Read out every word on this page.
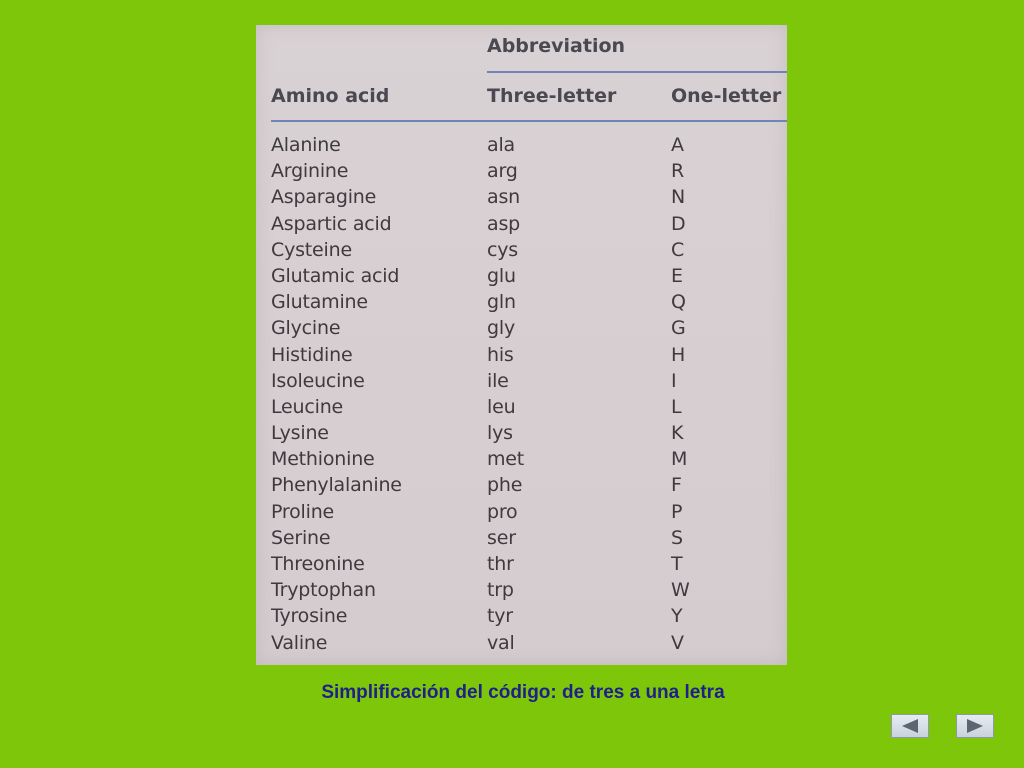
Abbreviation
Amino acid	Three-letter	One-letter
Alanine
Arginine
Asparagine
Aspartic acid
Cysteine
Glutamic acid
Glutamine
Glycine
Histidine
Isoleucine
Leucine
Lysine
Methionine
Phenylalanine
Proline
Serine
Threonine
Tryptophan
Tyrosine
Valine
ala
arg
asn
asp
cys
glu
gln
gly
his
ile
leu
lys
met
phe
pro
ser
thr
trp
tyr
val
A
R
N
D
C
E
Q
G
H
I
L
K
M
F
P
S
T
W
Y
V
Simplificación del código: de tres a una letra
